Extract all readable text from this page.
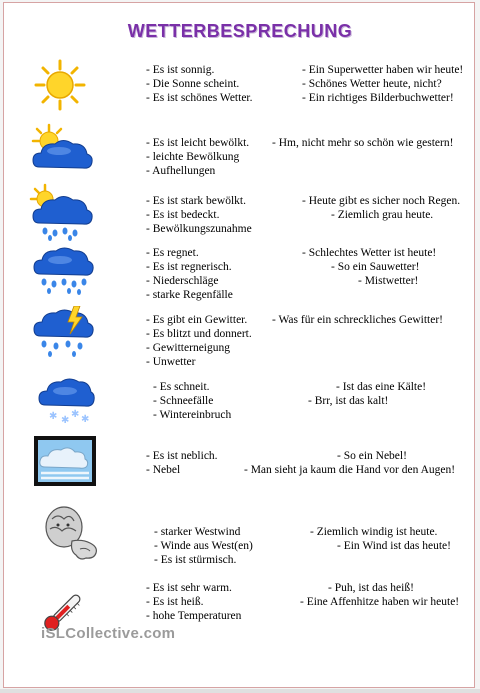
WETTERBESPRECHUNG
✱ ✱
✱ ✱
- Es ist sonnig.
- Die Sonne scheint.
- Es ist schönes Wetter.
- Ein Superwetter haben wir heute!
- Schönes Wetter heute, nicht?
- Ein richtiges Bilderbuchwetter!
- Es ist leicht bewölkt.
- leichte Bewölkung
- Aufhellungen
- Hm, nicht mehr so schön wie gestern!
- Es ist stark bewölkt.
- Es ist bedeckt.
- Bewölkungszunahme
- Heute gibt es sicher noch Regen.
- Ziemlich grau heute.
- Es regnet.
- Es ist regnerisch.
- Niederschläge
- starke Regenfälle
- Schlechtes Wetter ist heute!
- So ein Sauwetter!
- Mistwetter!
- Es gibt ein Gewitter.
- Es blitzt und donnert.
- Gewitterneigung
- Unwetter
- Was für ein schreckliches Gewitter!
- Es schneit.
- Schneefälle
- Wintereinbruch
- Ist das eine Kälte!
- Brr, ist das kalt!
- Es ist neblich.
- Nebel
- So ein Nebel!
- Man sieht ja kaum die Hand vor den Augen!
- starker Westwind
- Winde aus West(en)
- Es ist stürmisch.
- Ziemlich windig ist heute.
- Ein Wind ist das heute!
- Es ist sehr warm.
- Es ist heiß.
- hohe Temperaturen
- Puh, ist das heiß!
- Eine Affenhitze haben wir heute!
iSLCollective.com
